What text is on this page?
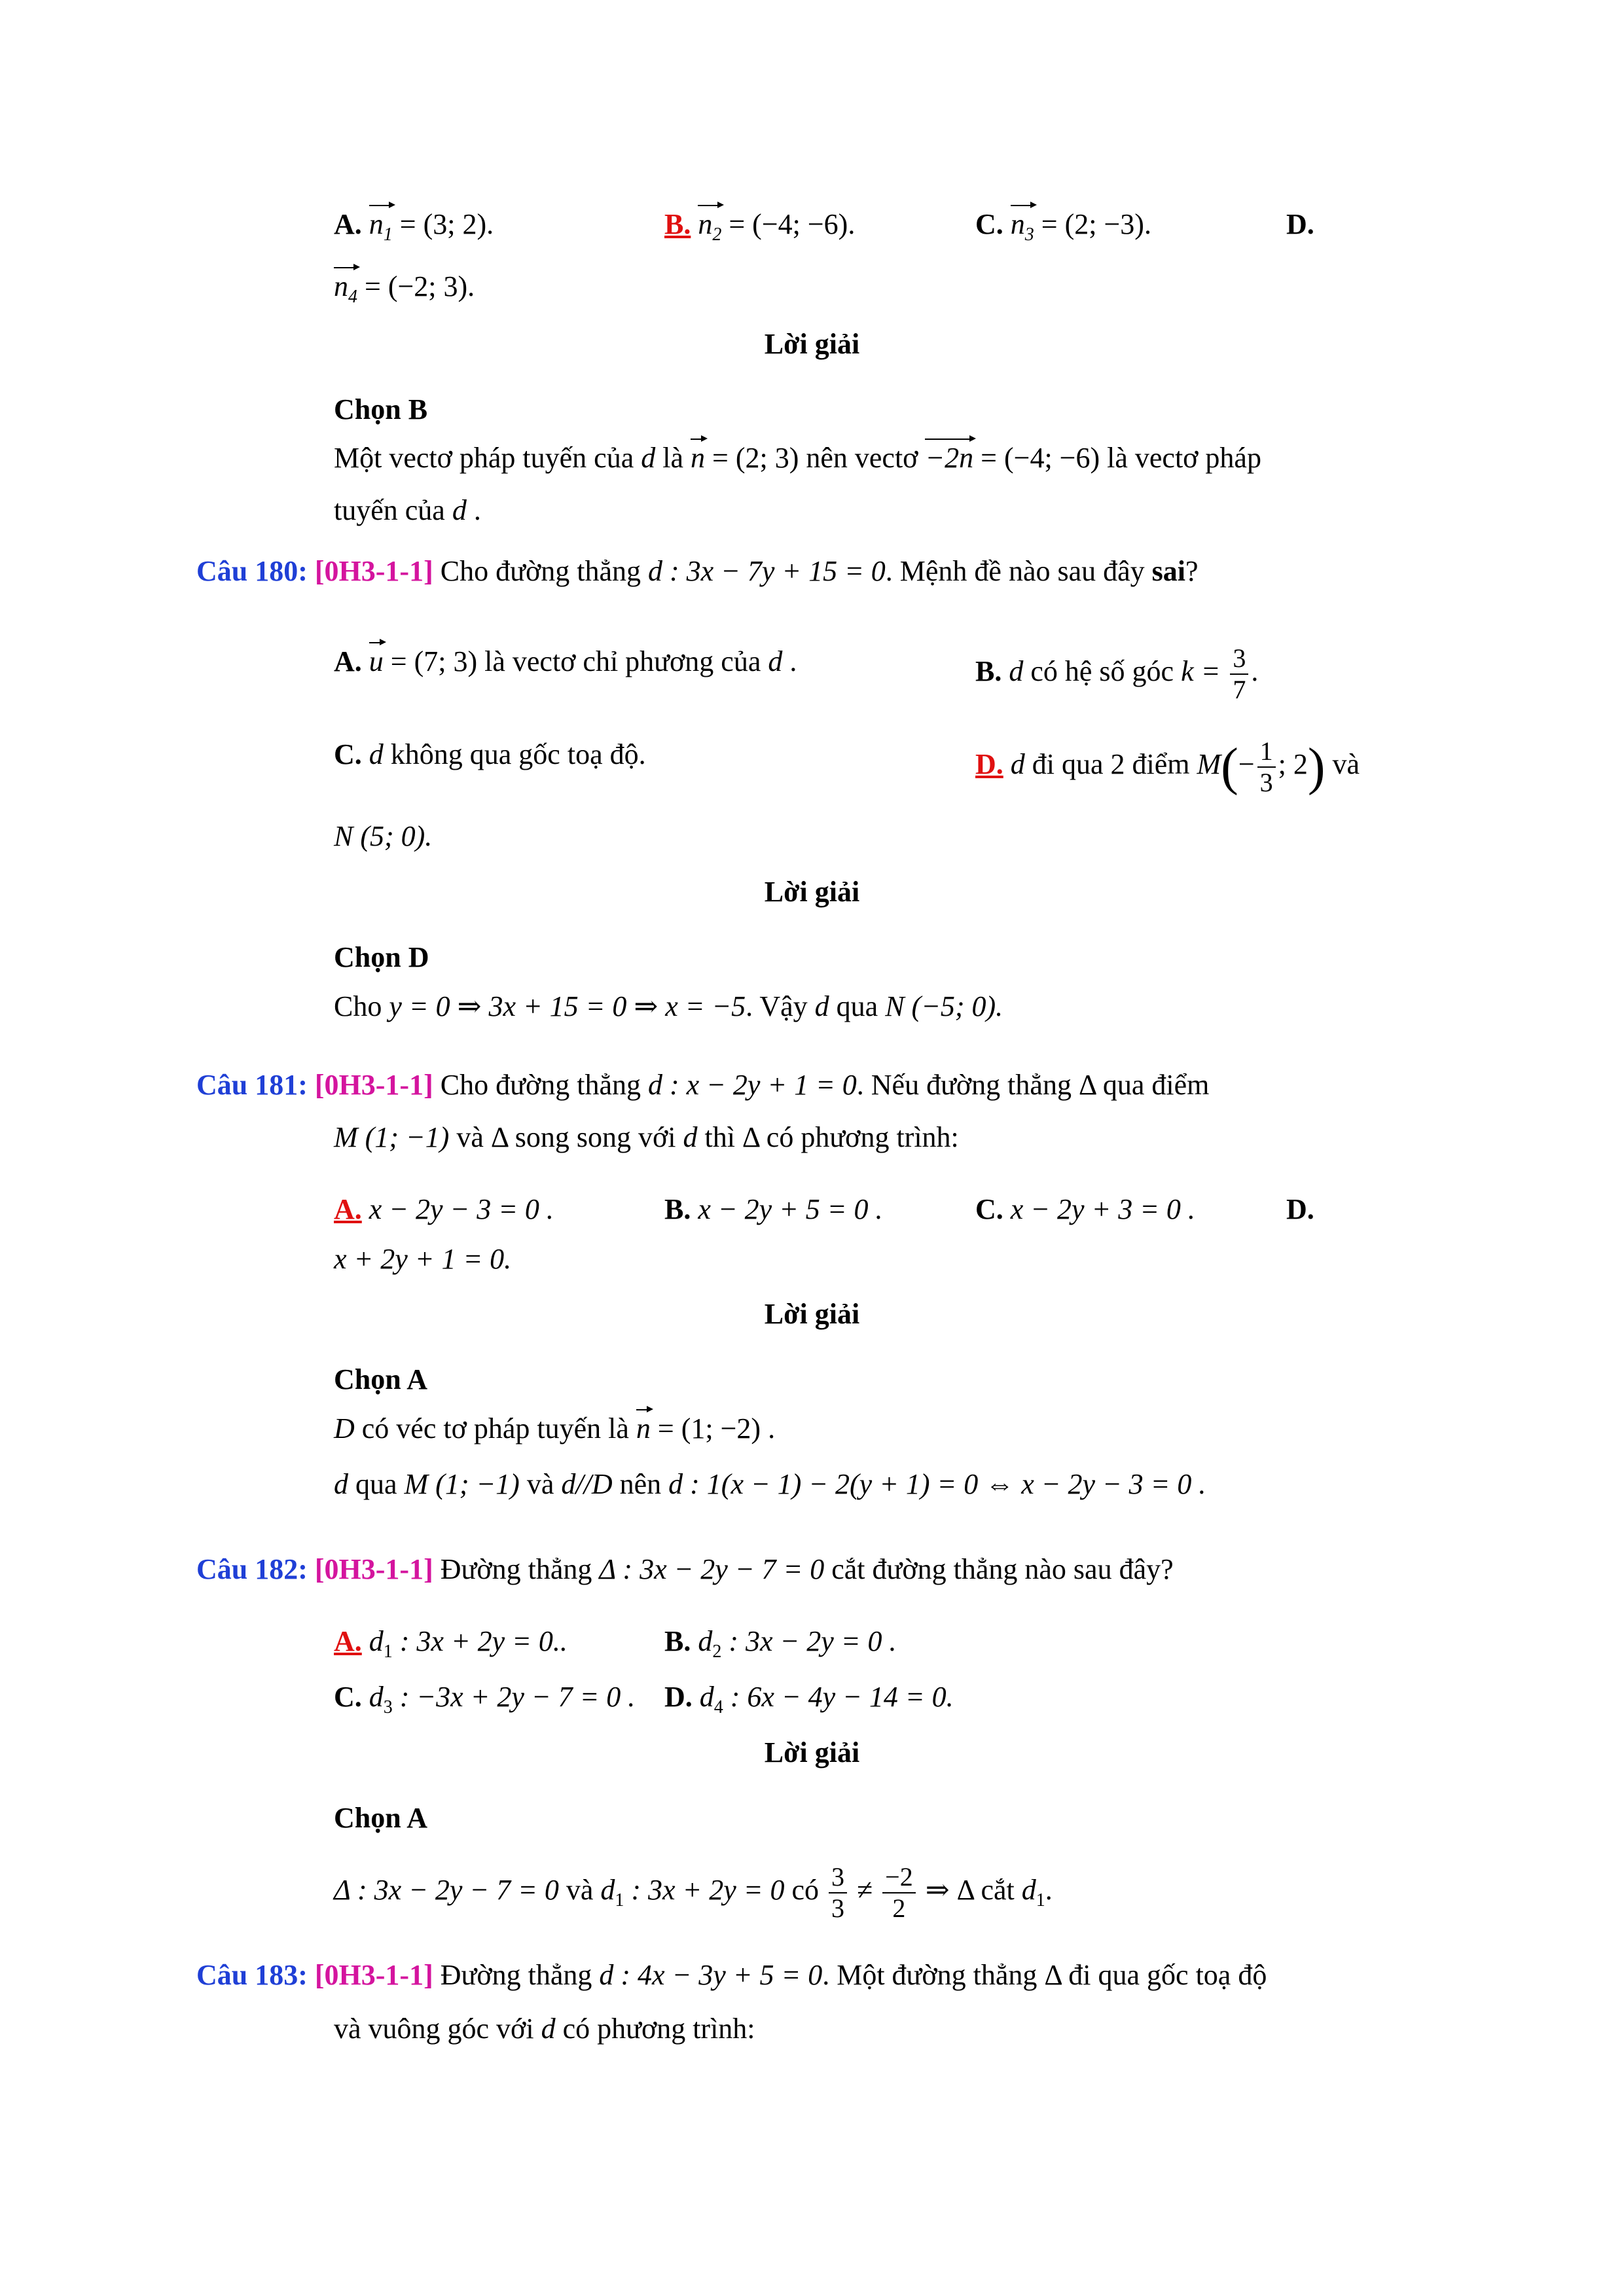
A. $n_1 = (3$; 2).	B. $n_2 = (-4$; −6).	C. $n_3 = (2$; −3).	D.
$n_4 = (-2$; 3).
Lời giải
Chọn B
Một vectơ pháp tuyến của d là n = (2; 3) nên vectơ −2n = (−4; −6) là vectơ pháp
tuyến của d .
Câu 180: [0H3-1-1] Cho đường thẳng d : 3x − 7y + 15 = 0. Mệnh đề nào sau đây sai?
A. u = (7; 3) là vectơ chỉ phương của d .	B. d có hệ số góc $k = \frac{3}{7}$ .
C. d không qua gốc toạ độ.	D. d đi qua 2 điểm $M(- \frac{1}{3}$ ; 2) và
N (5; 0).
Lời giải
Chọn D
Cho y = 0 ⇒ 3x + 15 = 0 ⇒ x = −5. Vậy d qua N (−5; 0).
Câu 181: [0H3-1-1] Cho đường thẳng d : x − 2y + 1 = 0. Nếu đường thẳng Δ qua điểm
M (1; −1) và Δ song song với d thì Δ có phương trình:
A. x − 2y − 3 = 0 .	B. x − 2y + 5 = 0 .	C. x − 2y + 3 = 0 .	D.
x + 2y + 1 = 0.
Lời giải
Chọn A
D có véc tơ pháp tuyến là n = (1; −2) .
d qua M (1; −1) và d//D nên d : 1(x − 1) − 2(y + 1) = 0 ⇔ x − 2y − 3 = 0 .
Câu 182: [0H3-1-1] Đường thẳng Δ : 3x − 2y − 7 = 0 cắt đường thẳng nào sau đây?
A. $d_1$ : 3x + 2y = 0..	B. $d_2$ : 3x − 2y = 0 .
C. $d_3$ : −3x + 2y − 7 = 0 . D. $d_4$ : 6x − 4y − 14 = 0.
Lời giải
Chọn A
Δ : 3x − 2y − 7 = 0 và $d_1$ : 3x + 2y = 0 có $\frac{3}{3} \ne \frac{-2}{2}$ ⇒ Δ cắt $d_1$.
Câu 183: [0H3-1-1] Đường thẳng d : 4x − 3y + 5 = 0. Một đường thẳng Δ đi qua gốc toạ độ
và vuông góc với d có phương trình:
